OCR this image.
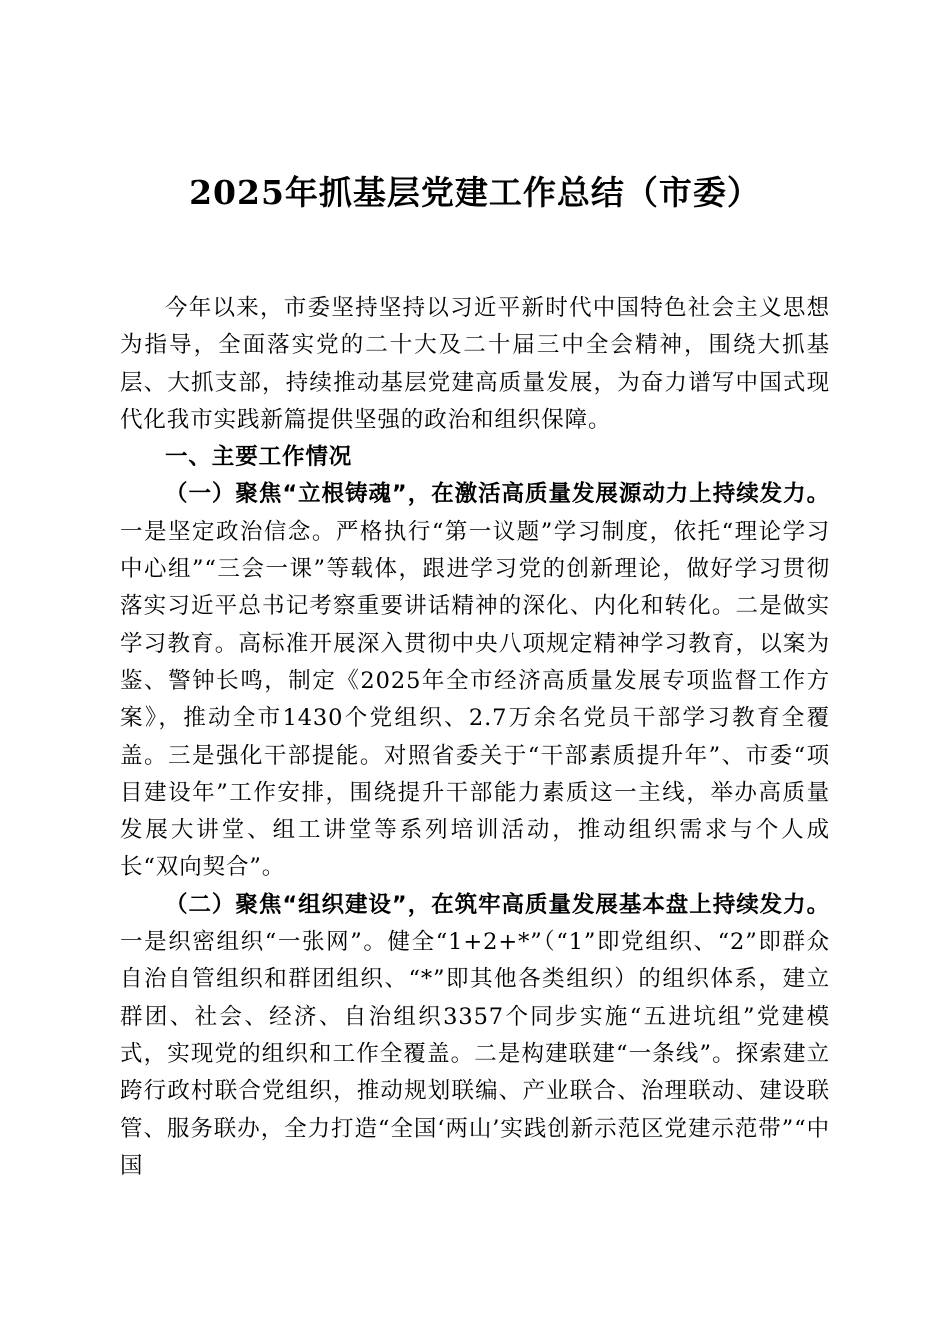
2025年抓基层党建工作总结（市委）

今年以来，市委坚持坚持以习近平新时代中国特色社会主义思想为指导，全面落实党的二十大及二十届三中全会精神，围绕大抓基层、大抓支部，持续推动基层党建高质量发展，为奋力谱写中国式现代化我市实践新篇提供坚强的政治和组织保障。

一、主要工作情况

（一）聚焦“立根铸魂”，在激活高质量发展源动力上持续发力。一是坚定政治信念。严格执行“第一议题”学习制度，依托“理论学习中心组”“三会一课”等载体，跟进学习党的创新理论，做好学习贯彻落实习近平总书记考察重要讲话精神的深化、内化和转化。二是做实学习教育。高标准开展深入贯彻中央八项规定精神学习教育，以案为鉴、警钟长鸣，制定《2025年全市经济高质量发展专项监督工作方案》，推动全市1430个党组织、2.7万余名党员干部学习教育全覆盖。三是强化干部提能。对照省委关于“干部素质提升年”、市委“项目建设年”工作安排，围绕提升干部能力素质这一主线，举办高质量发展大讲堂、组工讲堂等系列培训活动，推动组织需求与个人成长“双向契合”。

（二）聚焦“组织建设”，在筑牢高质量发展基本盘上持续发力。一是织密组织“一张网”。健全“1+2+*”（“1”即党组织、“2”即群众自治自管组织和群团组织、“*”即其他各类组织）的组织体系，建立群团、社会、经济、自治组织3357个同步实施“五进坑组”党建模式，实现党的组织和工作全覆盖。二是构建联建“一条线”。探索建立跨行政村联合党组织，推动规划联编、产业联合、治理联动、建设联管、服务联办，全力打造“全国‘两山’实践创新示范区党建示范带”“中国
